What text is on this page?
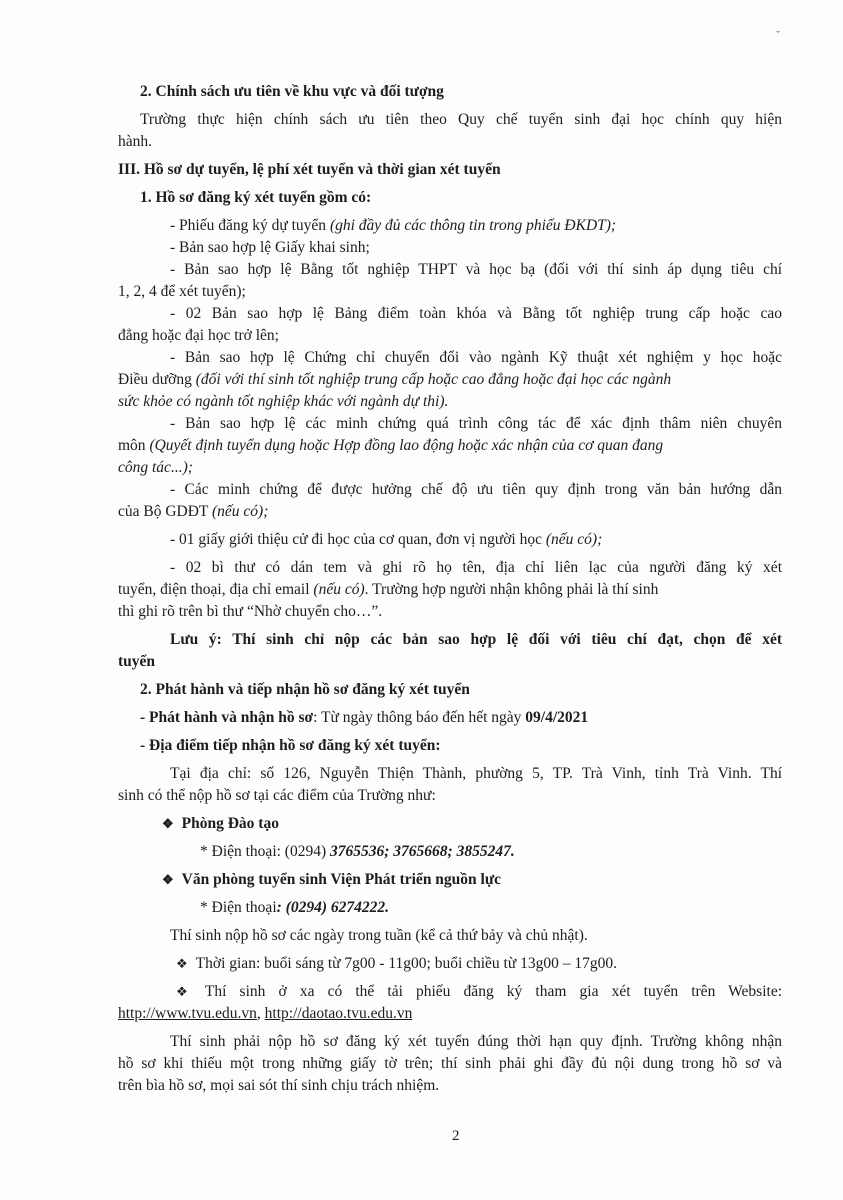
ˇ
2. Chính sách ưu tiên về khu vực và đối tượng
Trường thực hiện chính sách ưu tiên theo Quy chế tuyển sinh đại học chính quy hiện
hành.
III. Hồ sơ dự tuyển, lệ phí xét tuyển và thời gian xét tuyển
1. Hồ sơ đăng ký xét tuyển gồm có:
- Phiếu đăng ký dự tuyển (ghi đầy đủ các thông tin trong phiếu ĐKDT);
- Bản sao hợp lệ Giấy khai sinh;
- Bản sao hợp lệ Bằng tốt nghiệp THPT và học bạ (đối với thí sinh áp dụng tiêu chí
1, 2, 4 để xét tuyển);
- 02 Bản sao hợp lệ Bảng điểm toàn khóa và Bằng tốt nghiệp trung cấp hoặc cao
đẳng hoặc đại học trở lên;
- Bản sao hợp lệ Chứng chỉ chuyển đổi vào ngành Kỹ thuật xét nghiệm y học hoặc
Điều dưỡng (đối với thí sinh tốt nghiệp trung cấp hoặc cao đẳng hoặc đại học các ngành
sức khỏe có ngành tốt nghiệp khác với ngành dự thi).
- Bản sao hợp lệ các minh chứng quá trình công tác để xác định thâm niên chuyên
môn (Quyết định tuyển dụng hoặc Hợp đồng lao động hoặc xác nhận của cơ quan đang
công tác...);
- Các minh chứng để được hưởng chế độ ưu tiên quy định trong văn bản hướng dẫn
của Bộ GDĐT (nếu có);
- 01 giấy giới thiệu cử đi học của cơ quan, đơn vị người học (nếu có);
- 02 bì thư có dán tem và ghi rõ họ tên, địa chỉ liên lạc của người đăng ký xét
tuyển, điện thoại, địa chỉ email (nếu có). Trường hợp người nhận không phải là thí sinh
thì ghi rõ trên bì thư “Nhờ chuyển cho…”.
Lưu ý: Thí sinh chỉ nộp các bản sao hợp lệ đối với tiêu chí đạt, chọn để xét
tuyển
2. Phát hành và tiếp nhận hồ sơ đăng ký xét tuyển
- Phát hành và nhận hồ sơ: Từ ngày thông báo đến hết ngày 09/4/2021
- Địa điểm tiếp nhận hồ sơ đăng ký xét tuyển:
Tại địa chỉ: số 126, Nguyễn Thiện Thành, phường 5, TP. Trà Vinh, tỉnh Trà Vinh. Thí
sinh có thể nộp hồ sơ tại các điểm của Trường như:
❖ Phòng Đào tạo
* Điện thoại: (0294) 3765536; 3765668; 3855247.
❖ Văn phòng tuyển sinh Viện Phát triển nguồn lực
* Điện thoại: (0294) 6274222.
Thí sinh nộp hồ sơ các ngày trong tuần (kể cả thứ bảy và chủ nhật).
❖ Thời gian: buổi sáng từ 7g00 - 11g00; buổi chiều từ 13g00 – 17g00.
❖ Thí sinh ở xa có thể tải phiếu đăng ký tham gia xét tuyển trên Website:
http://www.tvu.edu.vn, http://daotao.tvu.edu.vn
Thí sinh phải nộp hồ sơ đăng ký xét tuyển đúng thời hạn quy định. Trường không nhận
hồ sơ khi thiếu một trong những giấy tờ trên; thí sinh phải ghi đầy đủ nội dung trong hồ sơ và
trên bìa hồ sơ, mọi sai sót thí sinh chịu trách nhiệm.
2
